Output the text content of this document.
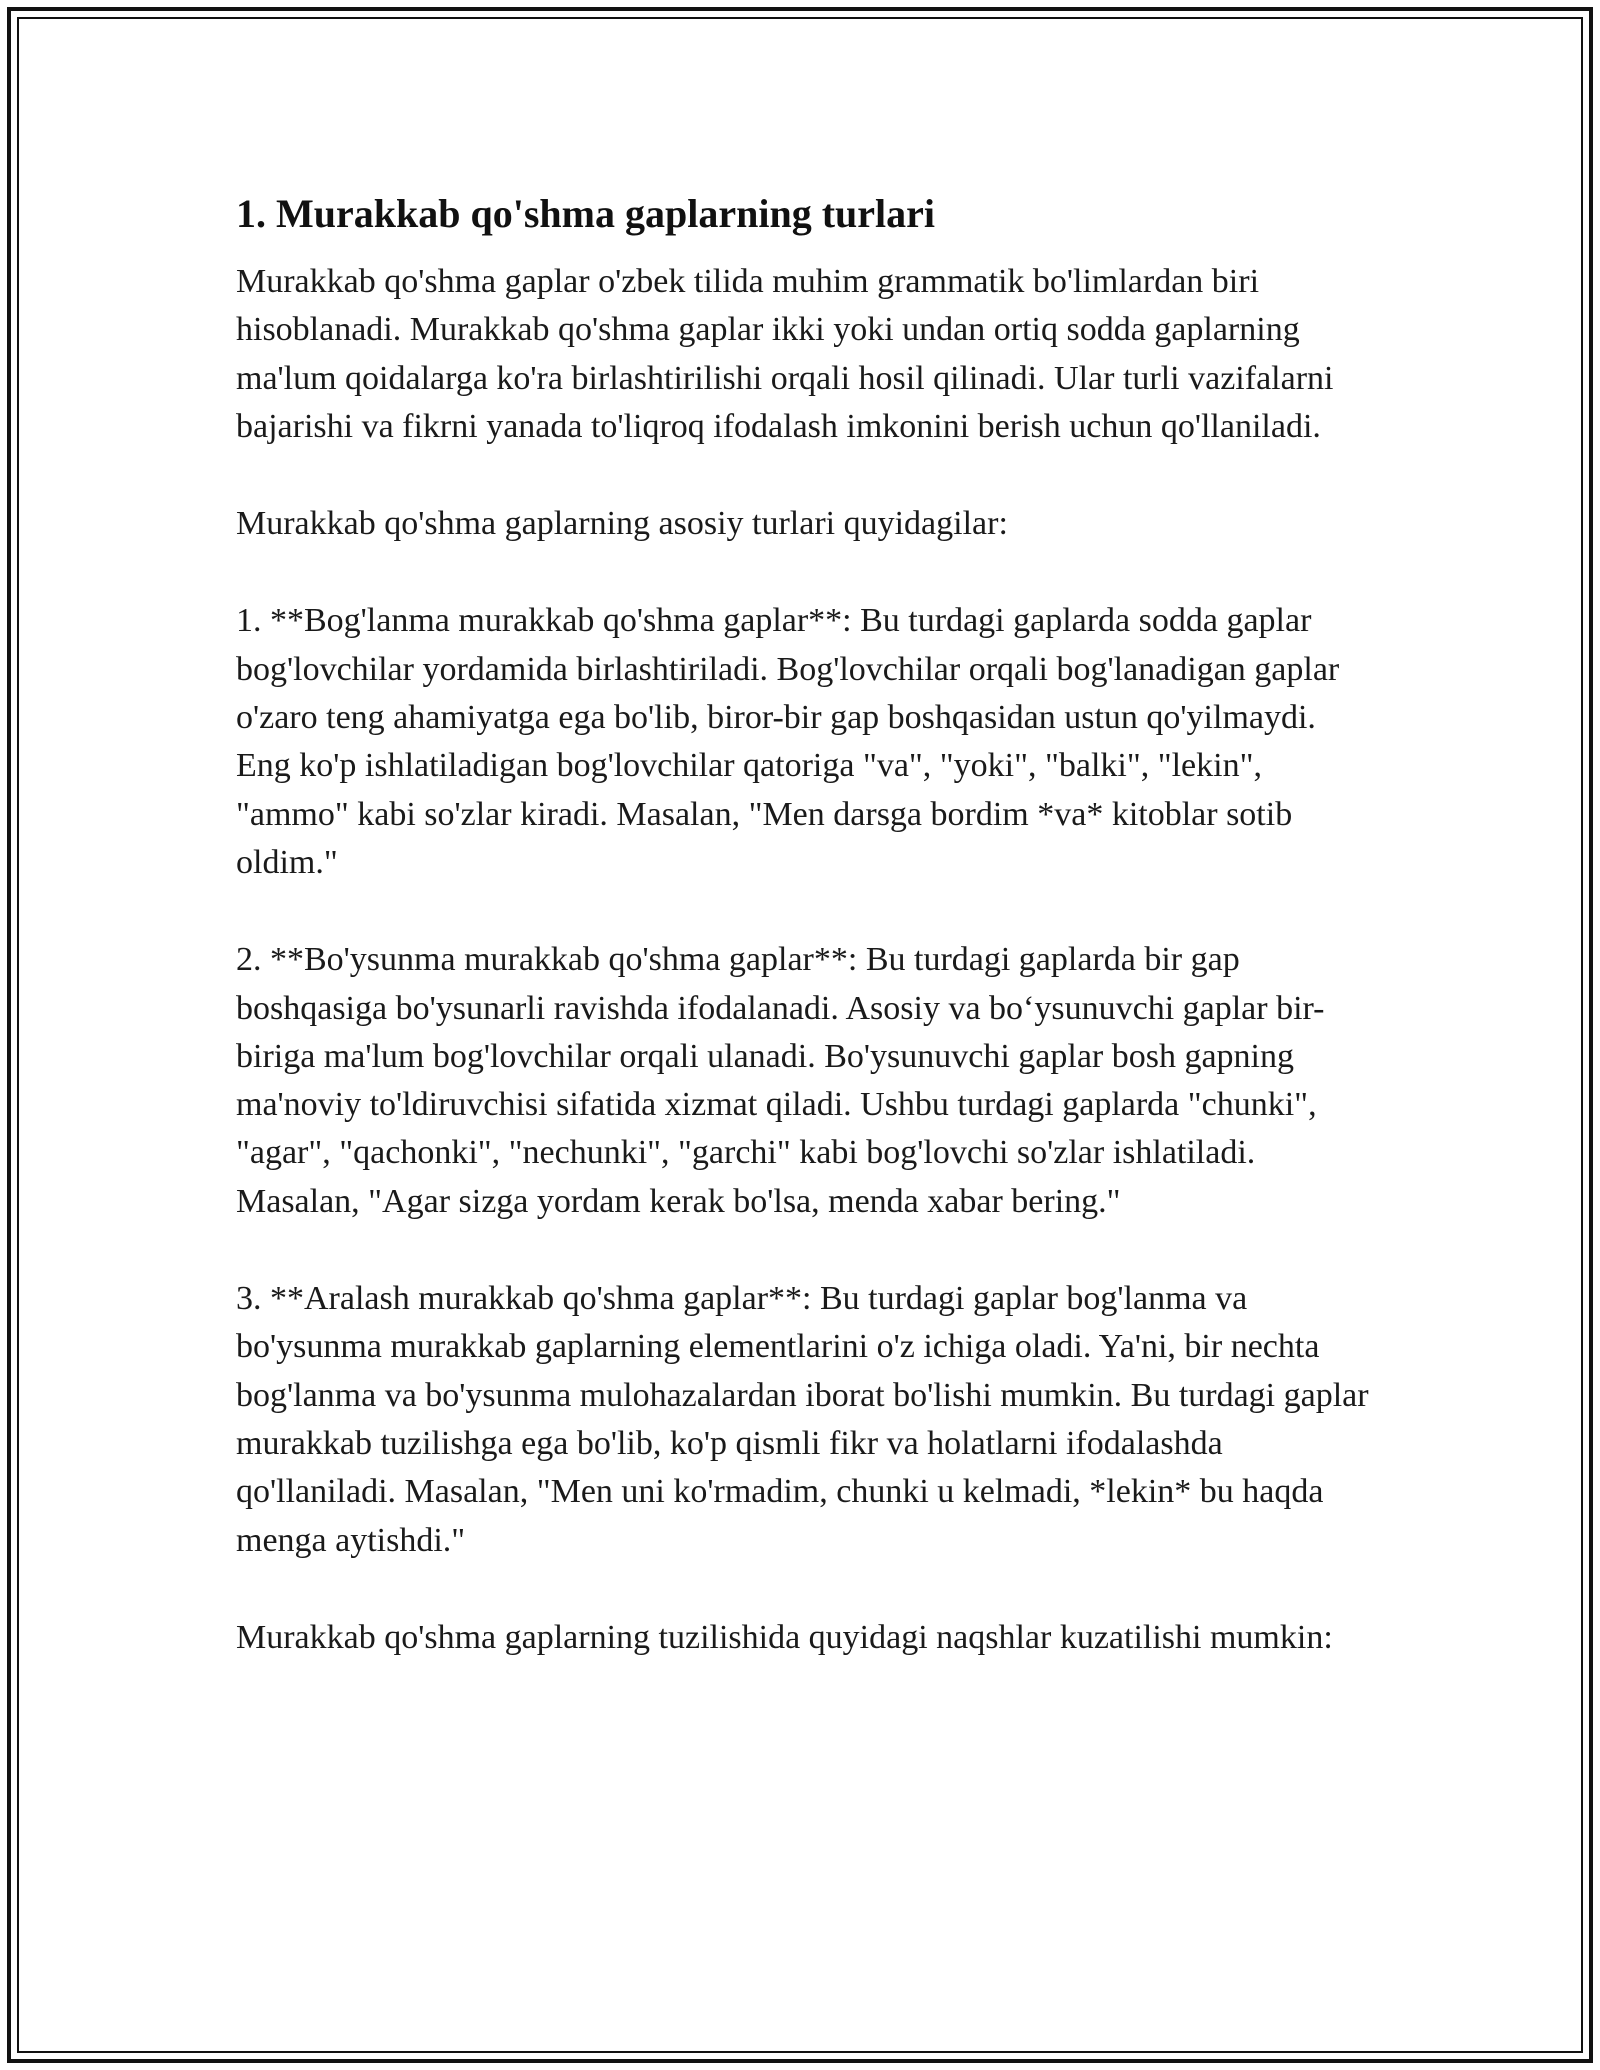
1. Murakkab qo'shma gaplarning turlari

Murakkab qo'shma gaplar o'zbek tilida muhim grammatik bo'limlardan biri hisoblanadi. Murakkab qo'shma gaplar ikki yoki undan ortiq sodda gaplarning ma'lum qoidalarga ko'ra birlashtirilishi orqali hosil qilinadi. Ular turli vazifalarni bajarishi va fikrni yanada to'liqroq ifodalash imkonini berish uchun qo'llaniladi.

Murakkab qo'shma gaplarning asosiy turlari quyidagilar:

1. **Bog'lanma murakkab qo'shma gaplar**: Bu turdagi gaplarda sodda gaplar bog'lovchilar yordamida birlashtiriladi. Bog'lovchilar orqali bog'lanadigan gaplar o'zaro teng ahamiyatga ega bo'lib, biror-bir gap boshqasidan ustun qo'yilmaydi. Eng ko'p ishlatiladigan bog'lovchilar qatoriga "va", "yoki", "balki", "lekin", "ammo" kabi so'zlar kiradi. Masalan, "Men darsga bordim *va* kitoblar sotib oldim."

2. **Bo'ysunma murakkab qo'shma gaplar**: Bu turdagi gaplarda bir gap boshqasiga bo'ysunarli ravishda ifodalanadi. Asosiy va bo‘ysunuvchi gaplar bir-biriga ma'lum bog'lovchilar orqali ulanadi. Bo'ysunuvchi gaplar bosh gapning ma'noviy to'ldiruvchisi sifatida xizmat qiladi. Ushbu turdagi gaplarda "chunki", "agar", "qachonki", "nechunki", "garchi" kabi bog'lovchi so'zlar ishlatiladi. Masalan, "Agar sizga yordam kerak bo'lsa, menda xabar bering."

3. **Aralash murakkab qo'shma gaplar**: Bu turdagi gaplar bog'lanma va bo'ysunma murakkab gaplarning elementlarini o'z ichiga oladi. Ya'ni, bir nechta bog'lanma va bo'ysunma mulohazalardan iborat bo'lishi mumkin. Bu turdagi gaplar murakkab tuzilishga ega bo'lib, ko'p qismli fikr va holatlarni ifodalashda qo'llaniladi. Masalan, "Men uni ko'rmadim, chunki u kelmadi, *lekin* bu haqda menga aytishdi."

Murakkab qo'shma gaplarning tuzilishida quyidagi naqshlar kuzatilishi mumkin:
